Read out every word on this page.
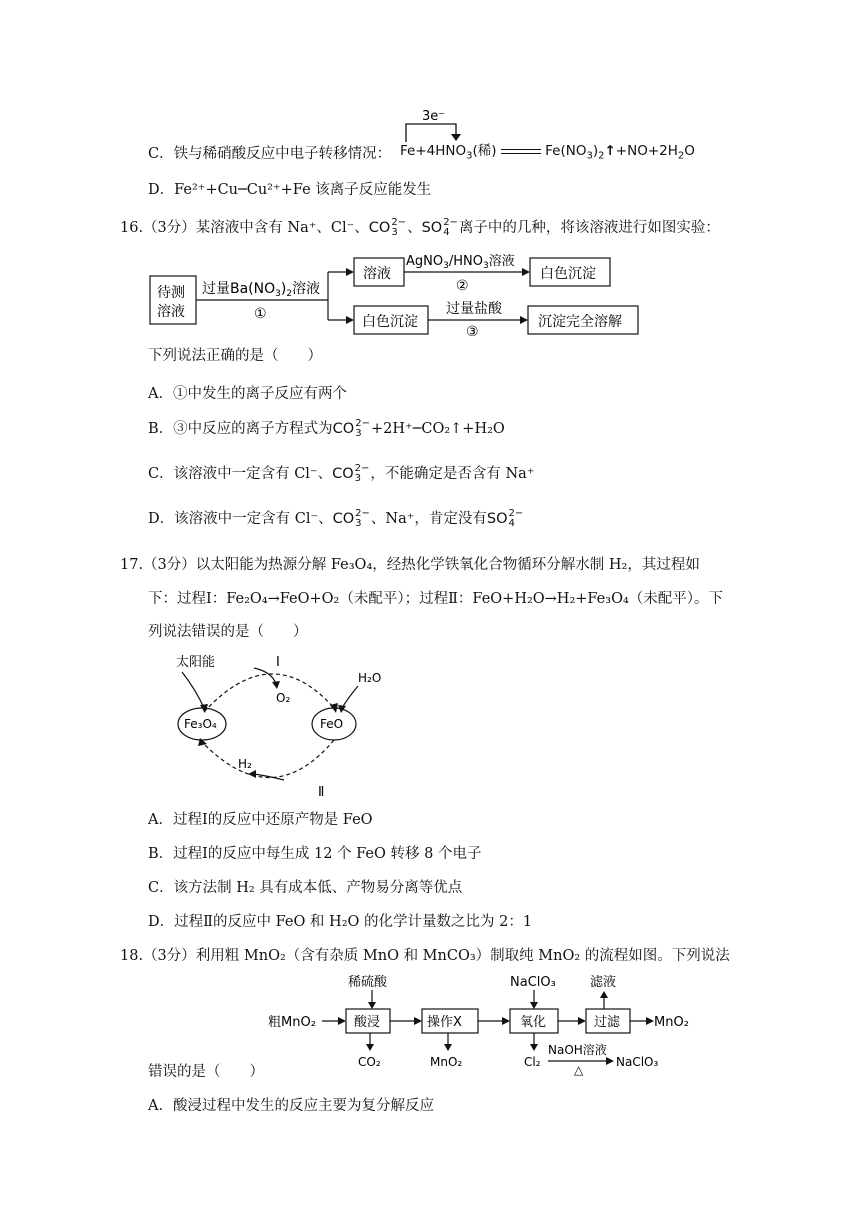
C．铁与稀硝酸反应中电子转移情况：
3e⁻
$Fe+4HNO_3$(稀)	$Fe(NO_3)_2↑+NO+2H_2O$
D．Fe²⁺+Cu─Cu²⁺+Fe 该离子反应能发生
16.（3分）某溶液中含有 Na⁺、Cl⁻、CO2−
3 、SO2−
4 离子中的几种，将该溶液进行如图实验：
待测
溶液
过量$Ba(NO_3)_2$溶液
①
溶液
$AgNO_3/HNO_3$溶液
②
白色沉淀
白色沉淀
过量盐酸
③
沉淀完全溶解
下列说法正确的是（　　）
A．①中发生的离子反应有两个
B．③中反应的离子方程式为CO2−
3 +2H⁺─CO₂↑+H₂O
C．该溶液中一定含有 Cl⁻、CO2−
3 ，不能确定是否含有 Na⁺
D．该溶液中一定含有 Cl⁻、CO2−
3 、Na⁺，肯定没有SO2−
4
17.（3分）以太阳能为热源分解 Fe₃O₄，经热化学铁氧化合物循环分解水制 H₂，其过程如
下：过程Ⅰ：Fe₂O₄→FeO+O₂（未配平）；过程Ⅱ：FeO+H₂O→H₂+Fe₃O₄（未配平）。下
列说法错误的是（　　）
太阳能	Ⅰ
O₂
H₂O
Fe₃O₄	FeO
H₂
Ⅱ
A．过程Ⅰ的反应中还原产物是 FeO
B．过程Ⅰ的反应中每生成 12 个 FeO 转移 8 个电子
C．该方法制 H₂ 具有成本低、产物易分离等优点
D．过程Ⅱ的反应中 FeO 和 H₂O 的化学计量数之比为 2：1
18.（3分）利用粗 MnO₂（含有杂质 MnO 和 MnCO₃）制取纯 MnO₂ 的流程如图。下列说法
稀硫酸
粗MnO₂	酸浸
CO₂
操作X
MnO₂
NaClO₃
氧化
Cl₂
NaOH溶液
△
NaClO₃
滤液
过滤	MnO₂
错误的是（　　）
A．酸浸过程中发生的反应主要为复分解反应
